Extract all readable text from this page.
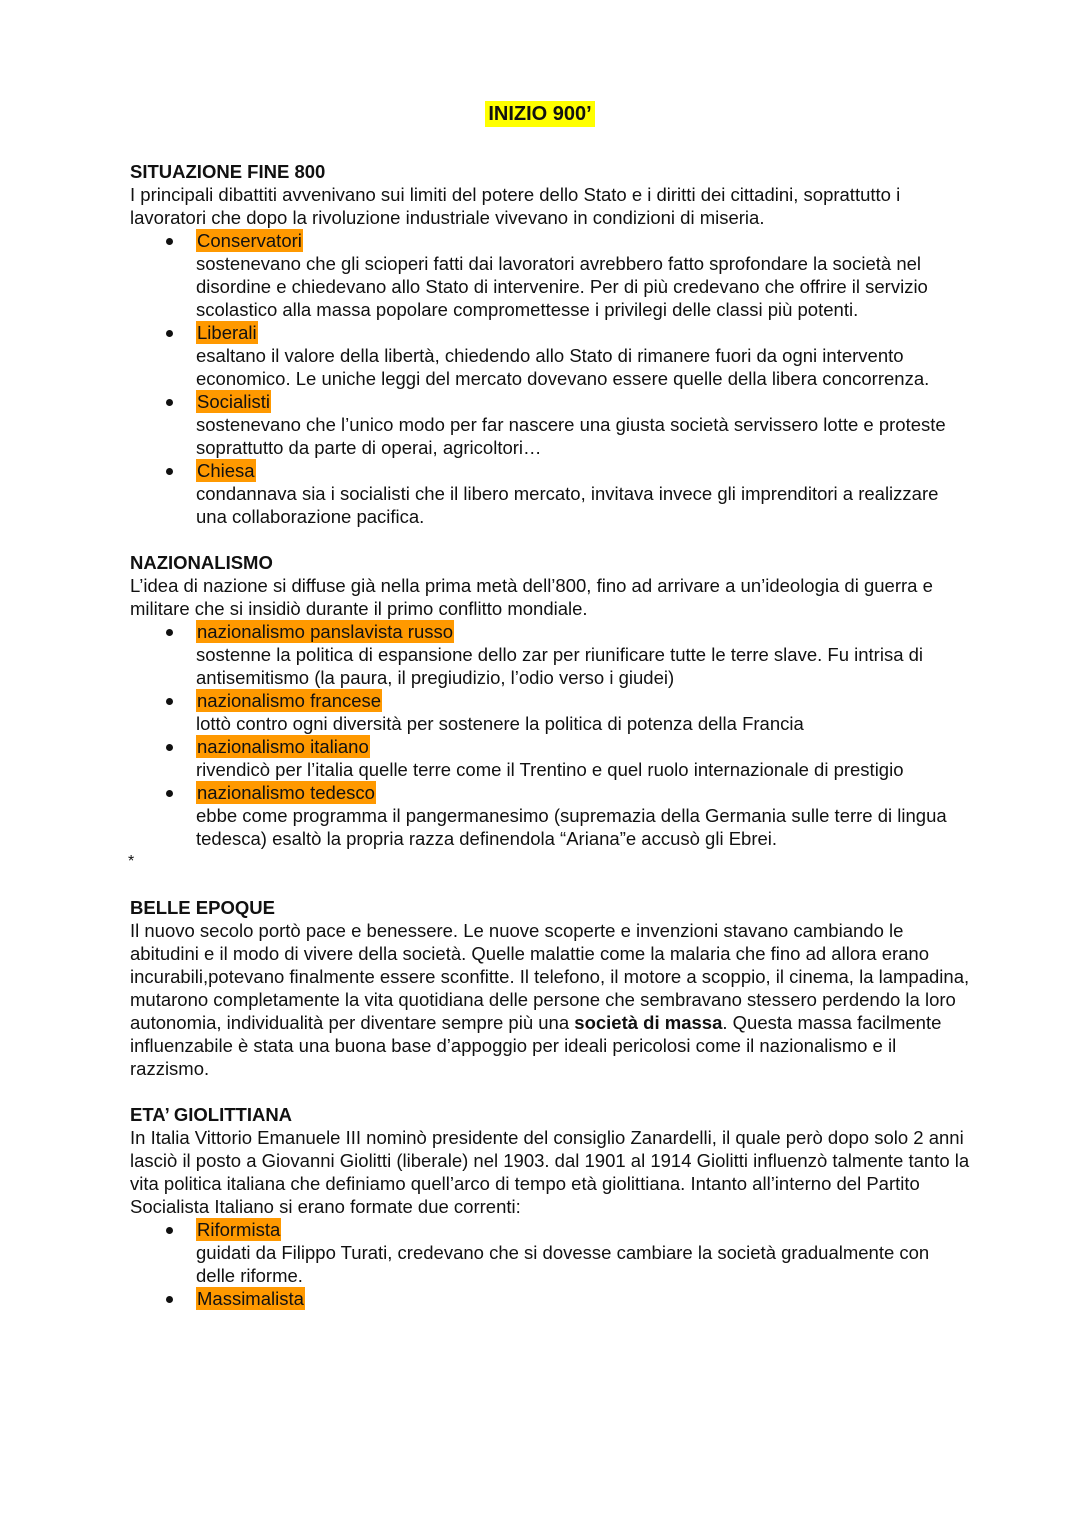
INIZIO 900’
SITUAZIONE FINE 800

I principali dibattiti avvenivano sui limiti del potere dello Stato e i diritti dei cittadini, soprattutto i lavoratori che dopo la rivoluzione industriale vivevano in condizioni di miseria.

Conservatori
sostenevano che gli scioperi fatti dai lavoratori avrebbero fatto sprofondare la società nel disordine e chiedevano allo Stato di intervenire. Per di più credevano che offrire il servizio scolastico alla massa popolare compromettesse i privilegi delle classi più potenti.
Liberali
esaltano il valore della libertà, chiedendo allo Stato di rimanere fuori da ogni intervento economico. Le uniche leggi del mercato dovevano essere quelle della libera concorrenza.
Socialisti
sostenevano che l’unico modo per far nascere una giusta società servissero lotte e proteste soprattutto da parte di operai, agricoltori…
Chiesa
condannava sia i socialisti che il libero mercato, invitava invece gli imprenditori a realizzare una collaborazione pacifica.
NAZIONALISMO

L’idea di nazione si diffuse già nella prima metà dell’800, fino ad arrivare a un’ideologia di guerra e militare che si insidiò durante il primo conflitto mondiale.

nazionalismo panslavista russo
sostenne la politica di espansione dello zar per riunificare tutte le terre slave. Fu intrisa di antisemitismo (la paura, il pregiudizio, l’odio verso i giudei)
nazionalismo francese
lottò contro ogni diversità per sostenere la politica di potenza della Francia
nazionalismo italiano
rivendicò per l’italia quelle terre come il Trentino e quel ruolo internazionale di prestigio
nazionalismo tedesco
ebbe come programma il pangermanesimo (supremazia della Germania sulle terre di lingua tedesca) esaltò la propria razza definendola “Ariana”e accusò gli Ebrei.
*
BELLE EPOQUE

Il nuovo secolo portò pace e benessere. Le nuove scoperte e invenzioni stavano cambiando le abitudini e il modo di vivere della società. Quelle malattie come la malaria che fino ad allora erano incurabili,potevano finalmente essere sconfitte. Il telefono, il motore a scoppio, il cinema, la lampadina, mutarono completamente la vita quotidiana delle persone che sembravano stessero perdendo la loro autonomia, individualità per diventare sempre più una società di massa. Questa massa facilmente influenzabile è stata una buona base d’appoggio per ideali pericolosi come il nazionalismo e il razzismo.

ETA’ GIOLITTIANA

In Italia Vittorio Emanuele III nominò presidente del consiglio Zanardelli, il quale però dopo solo 2 anni lasciò il posto a Giovanni Giolitti (liberale) nel 1903. dal 1901 al 1914 Giolitti influenzò talmente tanto la vita politica italiana che definiamo quell’arco di tempo età giolittiana. Intanto all’interno del Partito Socialista Italiano si erano formate due correnti:

Riformista
guidati da Filippo Turati, credevano che si dovesse cambiare la società gradualmente con delle riforme.
Massimalista
